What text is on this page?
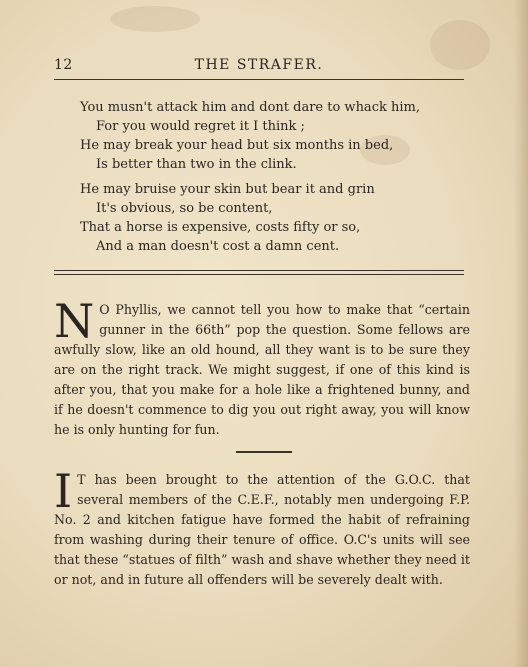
12	THE STRAFER.
You musn't attack him and dont dare to whack him,
For you would regret it I think ;
He may break your head but six months in bed,
Is better than two in the clink.
He may bruise your skin but bear it and grin
It's obvious, so be content,
That a horse is expensive, costs fifty or so,
And a man doesn't cost a damn cent.

N O Phyllis, we cannot tell you how to make that “certain gunner in the 66th” pop the question. Some fellows are awfully slow, like an old hound, all they want is to be sure they are on the right track. We might suggest, if one of this kind is after you, that you make for a hole like a frightened bunny, and if he doesn't commence to dig you out right away, you will know he is only hunting for fun.

I T has been brought to the attention of the G.O.C. that several members of the C.E.F., notably men undergoing F.P. No. 2 and kitchen fatigue have formed the habit of refraining from washing during their tenure of office. O.C's units will see that these “statues of filth” wash and shave whether they need it or not, and in future all offenders will be severely dealt with.
